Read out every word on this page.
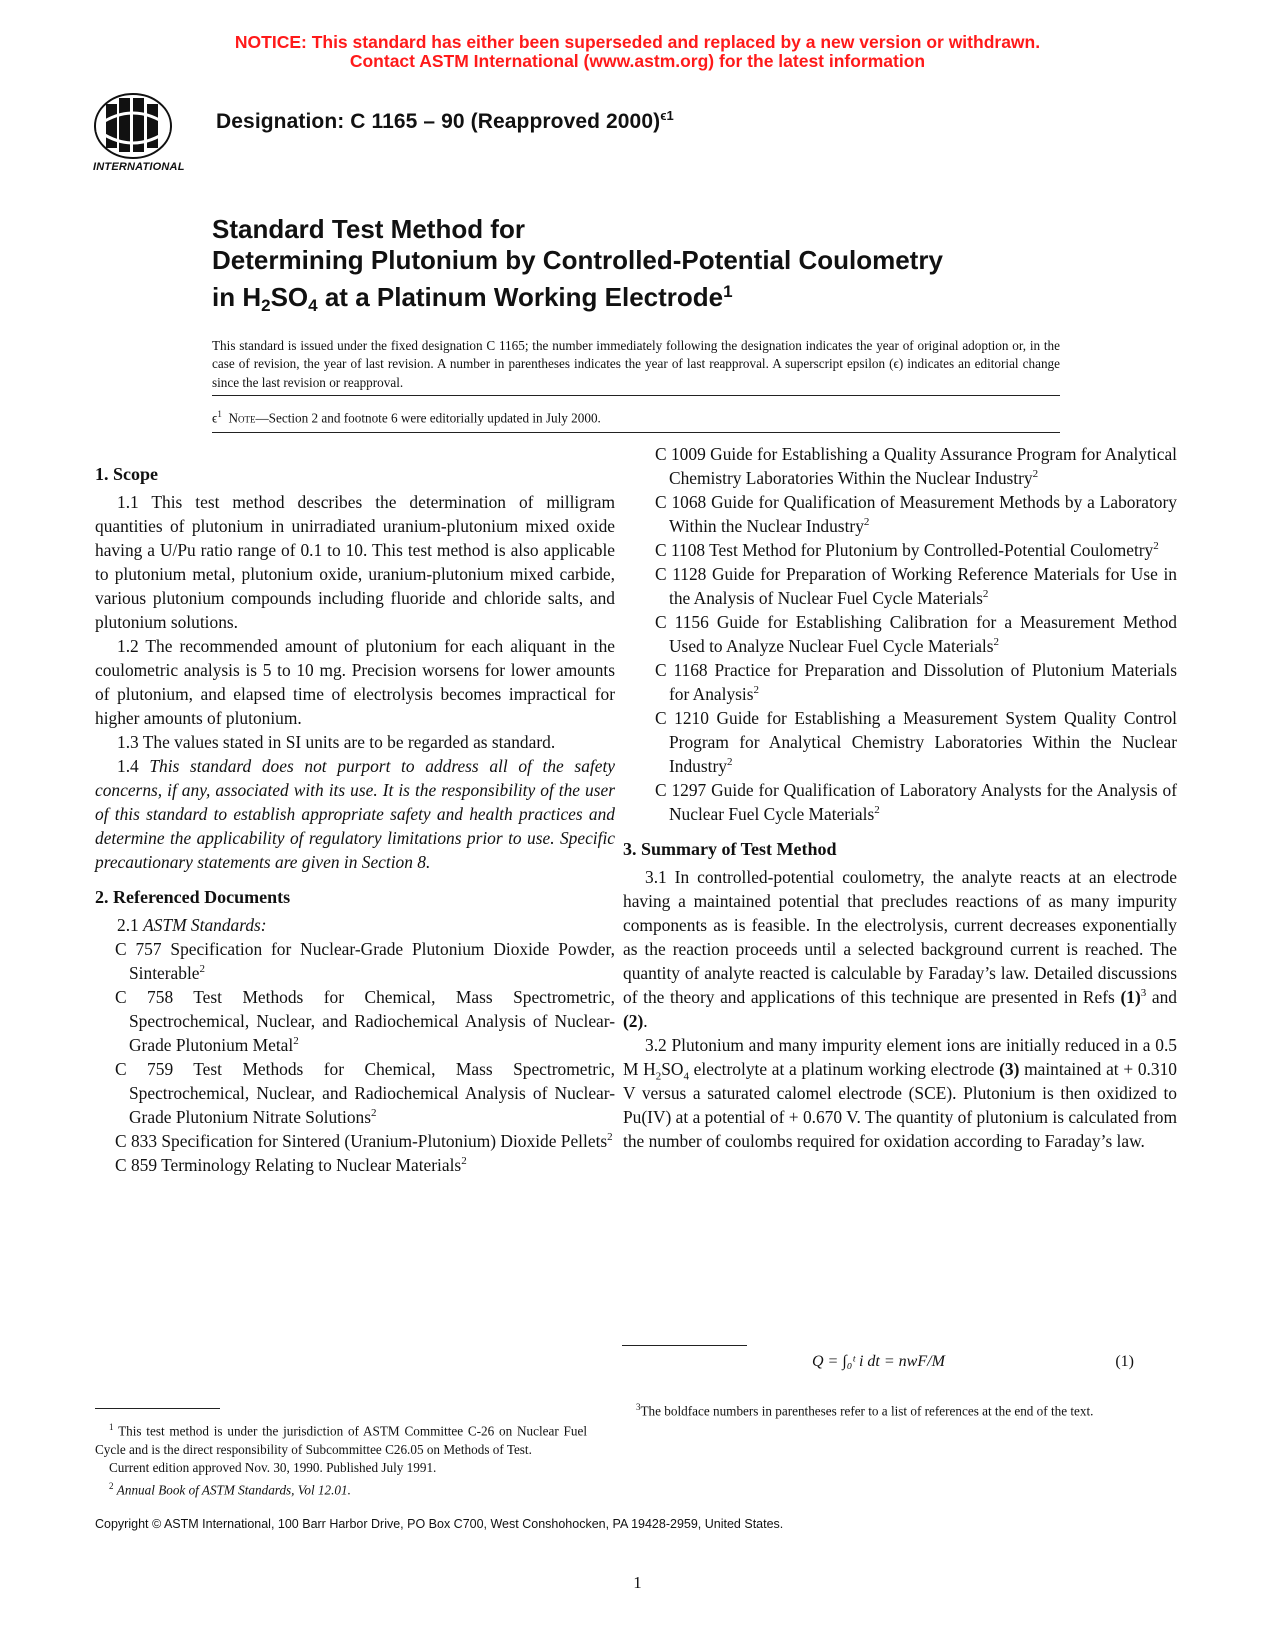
NOTICE: This standard has either been superseded and replaced by a new version or withdrawn.
Contact ASTM International (www.astm.org) for the latest information
INTERNATIONAL
Designation: C 1165 – 90 (Reapproved 2000)$^{\epsilon 1}$
Standard Test Method for
Determining Plutonium by Controlled-Potential Coulometry
in $H_2SO_4$ at a Platinum Working Electrode$^1$
This standard is issued under the fixed designation C 1165; the number immediately following the designation indicates the year of original adoption or, in the case of revision, the year of last revision. A number in parentheses indicates the year of last reapproval. A superscript epsilon (ϵ) indicates an editorial change since the last revision or reapproval.
$\epsilon^1$ Note—Section 2 and footnote 6 were editorially updated in July 2000.
1. Scope

1.1 This test method describes the determination of milligram quantities of plutonium in unirradiated uranium-plutonium mixed oxide having a U/Pu ratio range of 0.1 to 10. This test method is also applicable to plutonium metal, plutonium oxide, uranium-plutonium mixed carbide, various plutonium compounds including fluoride and chloride salts, and plutonium solutions.

1.2 The recommended amount of plutonium for each aliquant in the coulometric analysis is 5 to 10 mg. Precision worsens for lower amounts of plutonium, and elapsed time of electrolysis becomes impractical for higher amounts of plutonium.

1.3 The values stated in SI units are to be regarded as standard.

1.4 This standard does not purport to address all of the safety concerns, if any, associated with its use. It is the responsibility of the user of this standard to establish appropriate safety and health practices and determine the applicability of regulatory limitations prior to use. Specific precautionary statements are given in Section 8.

2. Referenced Documents

2.1 ASTM Standards:

C 757 Specification for Nuclear-Grade Plutonium Dioxide Powder, Sinterable$^2$
C 758 Test Methods for Chemical, Mass Spectrometric, Spectrochemical, Nuclear, and Radiochemical Analysis of Nuclear-Grade Plutonium Metal$^2$
C 759 Test Methods for Chemical, Mass Spectrometric, Spectrochemical, Nuclear, and Radiochemical Analysis of Nuclear-Grade Plutonium Nitrate Solutions$^2$
C 833 Specification for Sintered (Uranium-Plutonium) Dioxide Pellets$^2$
C 859 Terminology Relating to Nuclear Materials$^2$
C 1009 Guide for Establishing a Quality Assurance Program for Analytical Chemistry Laboratories Within the Nuclear Industry$^2$
C 1068 Guide for Qualification of Measurement Methods by a Laboratory Within the Nuclear Industry$^2$
C 1108 Test Method for Plutonium by Controlled-Potential Coulometry$^2$
C 1128 Guide for Preparation of Working Reference Materials for Use in the Analysis of Nuclear Fuel Cycle Materials$^2$
C 1156 Guide for Establishing Calibration for a Measurement Method Used to Analyze Nuclear Fuel Cycle Materials$^2$
C 1168 Practice for Preparation and Dissolution of Plutonium Materials for Analysis$^2$
C 1210 Guide for Establishing a Measurement System Quality Control Program for Analytical Chemistry Laboratories Within the Nuclear Industry$^2$
C 1297 Guide for Qualification of Laboratory Analysts for the Analysis of Nuclear Fuel Cycle Materials$^2$
3. Summary of Test Method

3.1 In controlled-potential coulometry, the analyte reacts at an electrode having a maintained potential that precludes reactions of as many impurity components as is feasible. In the electrolysis, current decreases exponentially as the reaction proceeds until a selected background current is reached. The quantity of analyte reacted is calculable by Faraday’s law. Detailed discussions of the theory and applications of this technique are presented in Refs $(1)^3$ and (2).

3.2 Plutonium and many impurity element ions are initially reduced in a 0.5 M $H_2SO_4$ electrolyte at a platinum working electrode (3) maintained at + 0.310 V versus a saturated calomel electrode (SCE). Plutonium is then oxidized to Pu(IV) at a potential of + 0.670 V. The quantity of plutonium is calculated from the number of coulombs required for oxidation according to Faraday’s law.

Q = ∫₀ᵗ i dt = nwF/M	(1)

$^1$ This test method is under the jurisdiction of ASTM Committee C-26 on Nuclear Fuel Cycle and is the direct responsibility of Subcommittee C26.05 on Methods of Test.

Current edition approved Nov. 30, 1990. Published July 1991.

$^2$ Annual Book of ASTM Standards, Vol 12.01.

$^3$The boldface numbers in parentheses refer to a list of references at the end of the text.

Copyright © ASTM International, 100 Barr Harbor Drive, PO Box C700, West Conshohocken, PA 19428-2959, United States.
1
